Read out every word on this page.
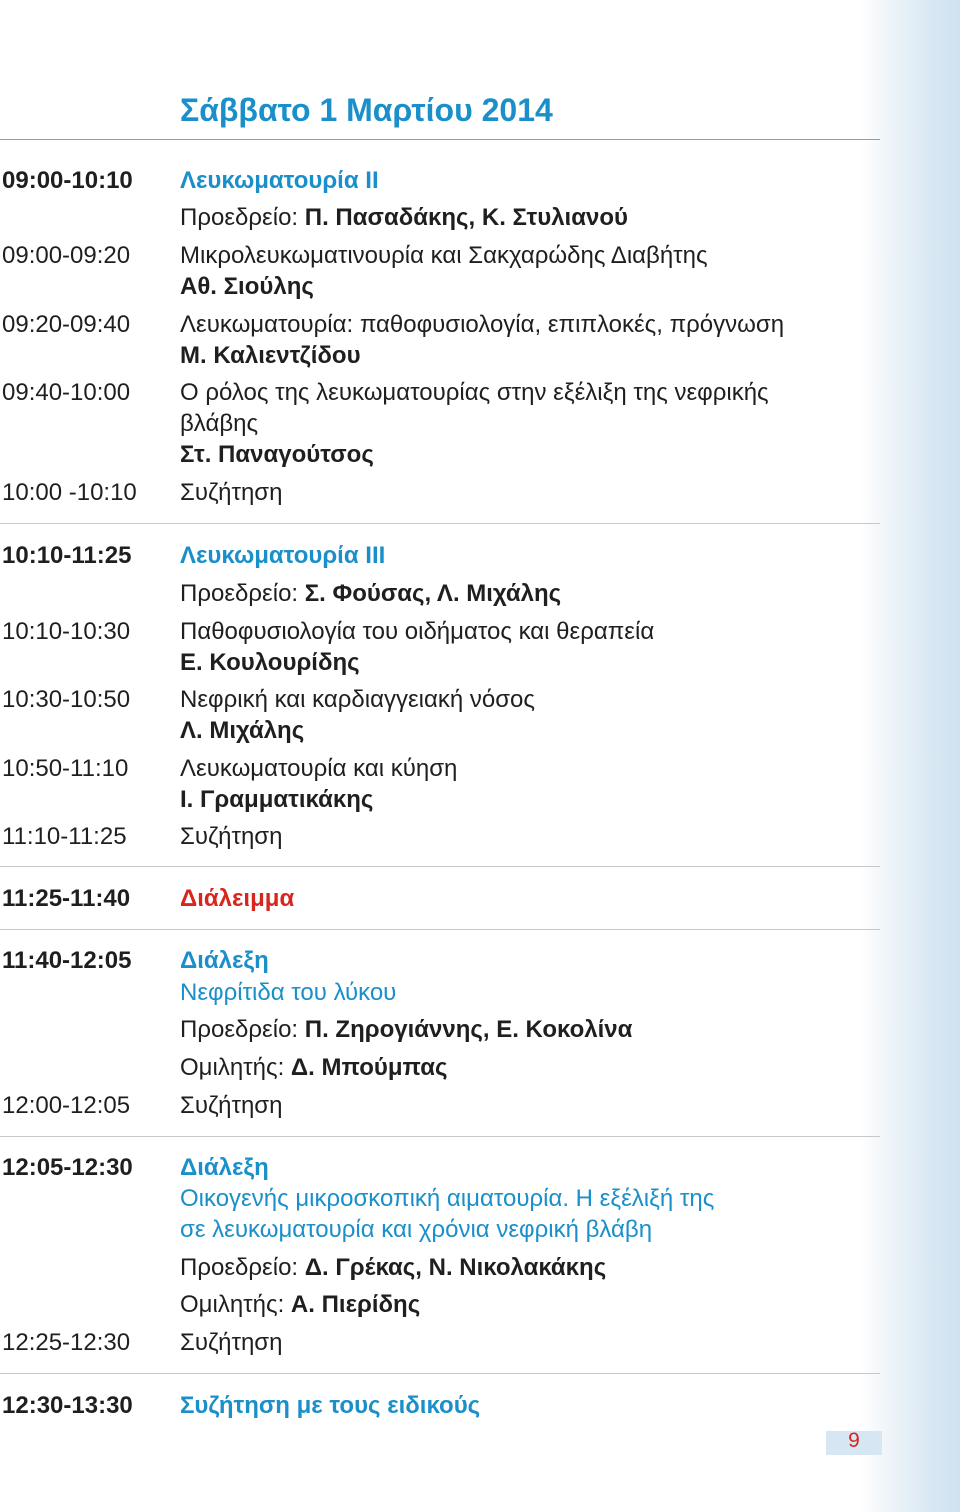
Σάββατο 1 Μαρτίου 2014
09:00-10:10	Λευκωματουρία ΙΙ
Προεδρείο: Π. Πασαδάκης, Κ. Στυλιανού
09:00-09:20	Μικρολευκωματινουρία και Σακχαρώδης Διαβήτης
Αθ. Σιούλης
09:20-09:40	Λευκωματουρία: παθοφυσιολογία, επιπλοκές, πρόγνωση
Μ. Καλιεντζίδου
09:40-10:00	Ο ρόλος της λευκωματουρίας στην εξέλιξη της νεφρικής
βλάβης
Στ. Παναγούτσος
10:00 -10:10	Συζήτηση
10:10-11:25	Λευκωματουρία ΙΙΙ
Προεδρείο: Σ. Φούσας, Λ. Μιχάλης
10:10-10:30	Παθοφυσιολογία του οιδήματος και θεραπεία
Ε. Κουλουρίδης
10:30-10:50	Νεφρική και καρδιαγγειακή νόσος
Λ. Μιχάλης
10:50-11:10	Λευκωματουρία και κύηση
Ι. Γραμματικάκης
11:10-11:25	Συζήτηση
11:25-11:40	Διάλειμμα
11:40-12:05	Διάλεξη
Νεφρίτιδα του λύκου
Προεδρείο: Π. Ζηρογιάννης, Ε. Κοκολίνα
Ομιλητής: Δ. Μπούμπας
12:00-12:05	Συζήτηση
12:05-12:30	Διάλεξη
Οικογενής μικροσκοπική αιματουρία. Η εξέλιξή της
σε λευκωματουρία και χρόνια νεφρική βλάβη
Προεδρείο: Δ. Γρέκας, Ν. Νικολακάκης
Ομιλητής: Α. Πιερίδης
12:25-12:30	Συζήτηση
12:30-13:30	Συζήτηση με τους ειδικούς
9
